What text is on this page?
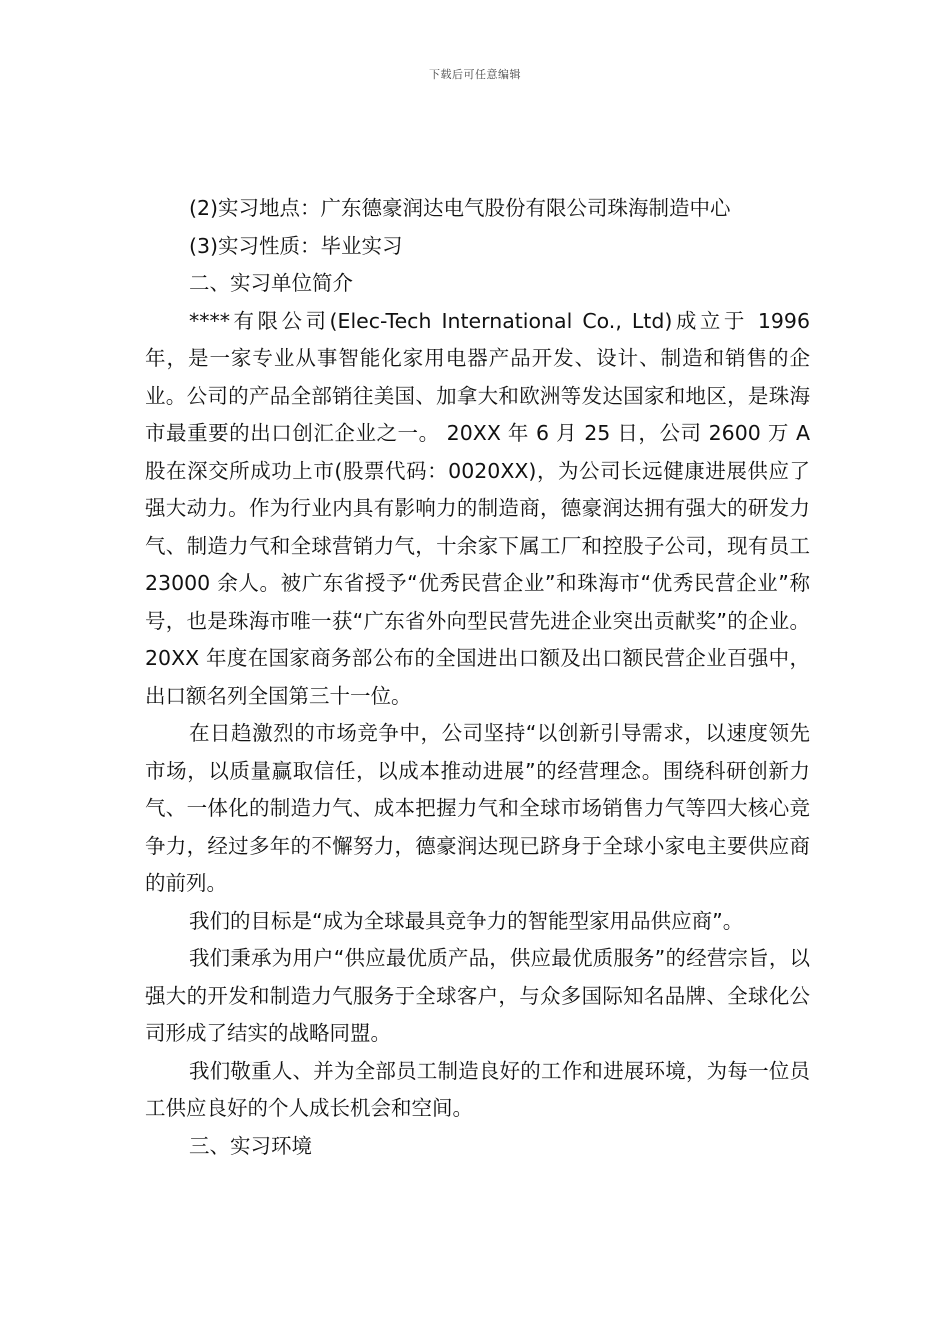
下载后可任意编辑

(2)实习地点：广东德豪润达电气股份有限公司珠海制造中心

(3)实习性质：毕业实习

二、实习单位简介

****有限公司(Elec-Tech International Co., Ltd)成立于 1996 年，是一家专业从事智能化家用电器产品开发、设计、制造和销售的企业。公司的产品全部销往美国、加拿大和欧洲等发达国家和地区，是珠海市最重要的出口创汇企业之一。 20XX 年 6 月 25 日，公司 2600 万 A 股在深交所成功上市(股票代码：0020XX)，为公司长远健康进展供应了强大动力。作为行业内具有影响力的制造商，德豪润达拥有强大的研发力气、制造力气和全球营销力气，十余家下属工厂和控股子公司，现有员工 23000 余人。被广东省授予“优秀民营企业”和珠海市“优秀民营企业”称号，也是珠海市唯一获“广东省外向型民营先进企业突出贡献奖”的企业。20XX 年度在国家商务部公布的全国进出口额及出口额民营企业百强中，出口额名列全国第三十一位。

在日趋激烈的市场竞争中，公司坚持“以创新引导需求，以速度领先市场，以质量赢取信任，以成本推动进展”的经营理念。围绕科研创新力气、一体化的制造力气、成本把握力气和全球市场销售力气等四大核心竞争力，经过多年的不懈努力，德豪润达现已跻身于全球小家电主要供应商的前列。

我们的目标是“成为全球最具竞争力的智能型家用品供应商”。

我们秉承为用户“供应最优质产品，供应最优质服务”的经营宗旨，以强大的开发和制造力气服务于全球客户，与众多国际知名品牌、全球化公司形成了结实的战略同盟。

我们敬重人、并为全部员工制造良好的工作和进展环境，为每一位员工供应良好的个人成长机会和空间。

三、实习环境
